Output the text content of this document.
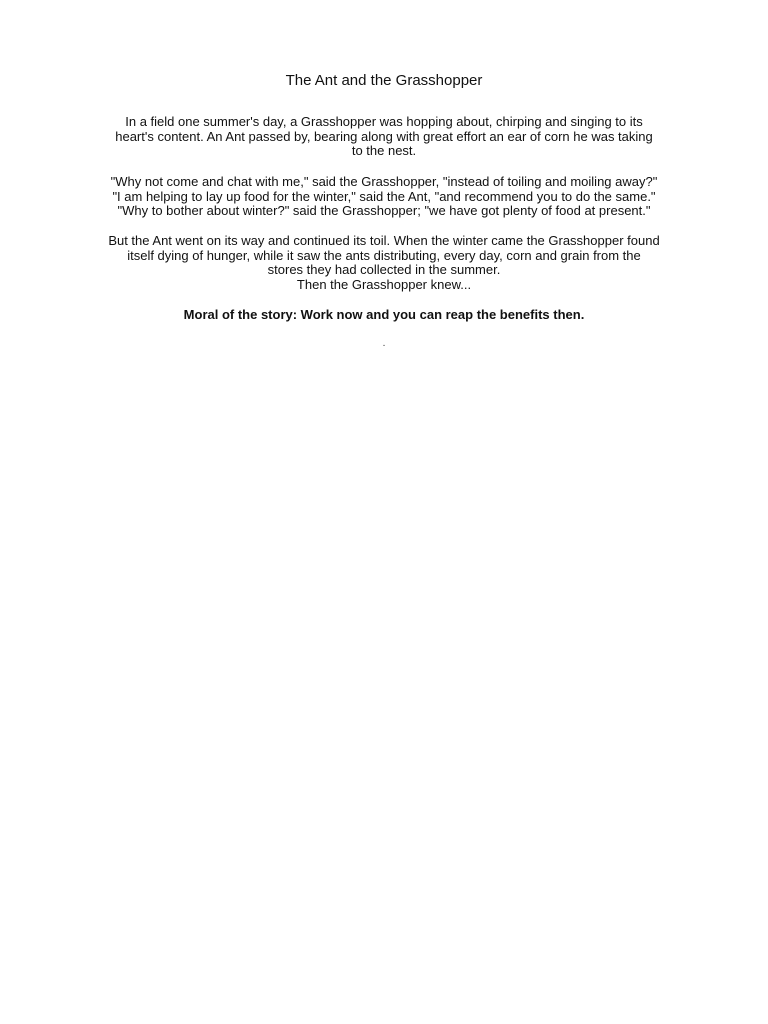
The Ant and the Grasshopper

In a field one summer's day, a Grasshopper was hopping about, chirping and singing to its
heart's content. An Ant passed by, bearing along with great effort an ear of corn he was taking
to the nest.

"Why not come and chat with me," said the Grasshopper, "instead of toiling and moiling away?"
"I am helping to lay up food for the winter," said the Ant, "and recommend you to do the same."
"Why to bother about winter?" said the Grasshopper; "we have got plenty of food at present."

But the Ant went on its way and continued its toil. When the winter came the Grasshopper found
itself dying of hunger, while it saw the ants distributing, every day, corn and grain from the
stores they had collected in the summer.
Then the Grasshopper knew...

Moral of the story: Work now and you can reap the benefits then.

.
